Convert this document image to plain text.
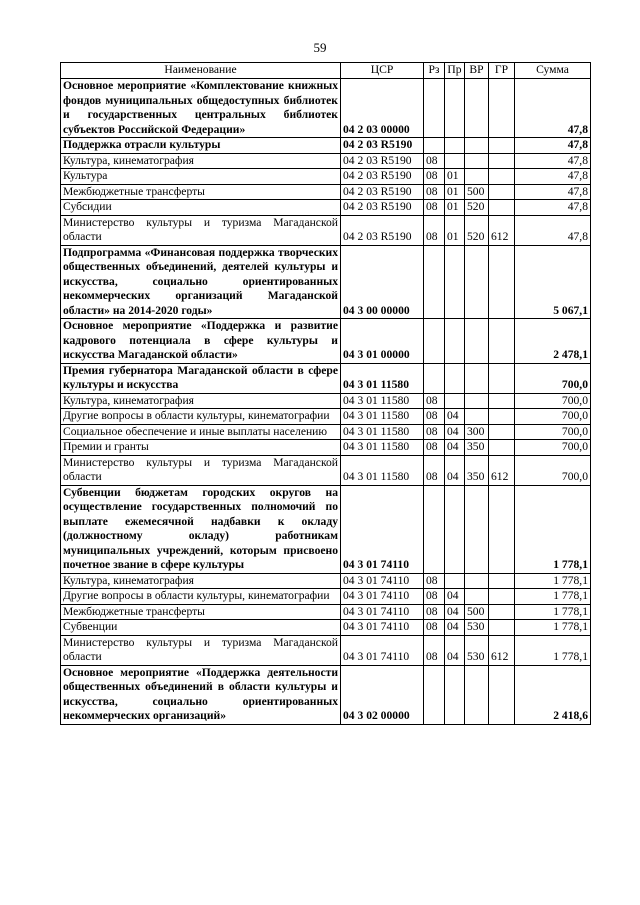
59
Наименование	ЦСР	Рз	Пр	ВР	ГР	Сумма
Основное мероприятие «Комплектование книжных фондов муниципальных общедоступных библиотек и государственных центральных библиотек субъектов Российской Федерации»	04 2 03 00000					47,8
Поддержка отрасли культуры	04 2 03 R5190					47,8
Культура, кинематография	04 2 03 R5190	08				47,8
Культура	04 2 03 R5190	08	01			47,8
Межбюджетные трансферты	04 2 03 R5190	08	01	500		47,8
Субсидии	04 2 03 R5190	08	01	520		47,8
Министерство культуры и туризма Магаданской области	04 2 03 R5190	08	01	520	612	47,8
Подпрограмма «Финансовая поддержка творческих общественных объединений, деятелей культуры и искусства, социально ориентированных некоммерческих организаций Магаданской области» на 2014-2020 годы»	04 3 00 00000					5 067,1
Основное мероприятие «Поддержка и развитие кадрового потенциала в сфере культуры и искусства Магаданской области»	04 3 01 00000					2 478,1
Премия губернатора Магаданской области в сфере культуры и искусства	04 3 01 11580					700,0
Культура, кинематография	04 3 01 11580	08				700,0
Другие вопросы в области культуры, кинематографии	04 3 01 11580	08	04			700,0
Социальное обеспечение и иные выплаты населению	04 3 01 11580	08	04	300		700,0
Премии и гранты	04 3 01 11580	08	04	350		700,0
Министерство культуры и туризма Магаданской области	04 3 01 11580	08	04	350	612	700,0
Субвенции бюджетам городских округов на осуществление государственных полномочий по выплате ежемесячной надбавки к окладу (должностному окладу) работникам муниципальных учреждений, которым присвоено почетное звание в сфере культуры	04 3 01 74110					1 778,1
Культура, кинематография	04 3 01 74110	08				1 778,1
Другие вопросы в области культуры, кинематографии	04 3 01 74110	08	04			1 778,1
Межбюджетные трансферты	04 3 01 74110	08	04	500		1 778,1
Субвенции	04 3 01 74110	08	04	530		1 778,1
Министерство культуры и туризма Магаданской области	04 3 01 74110	08	04	530	612	1 778,1
Основное мероприятие «Поддержка деятельности общественных объединений в области культуры и искусства, социально ориентированных некоммерческих организаций»	04 3 02 00000					2 418,6
